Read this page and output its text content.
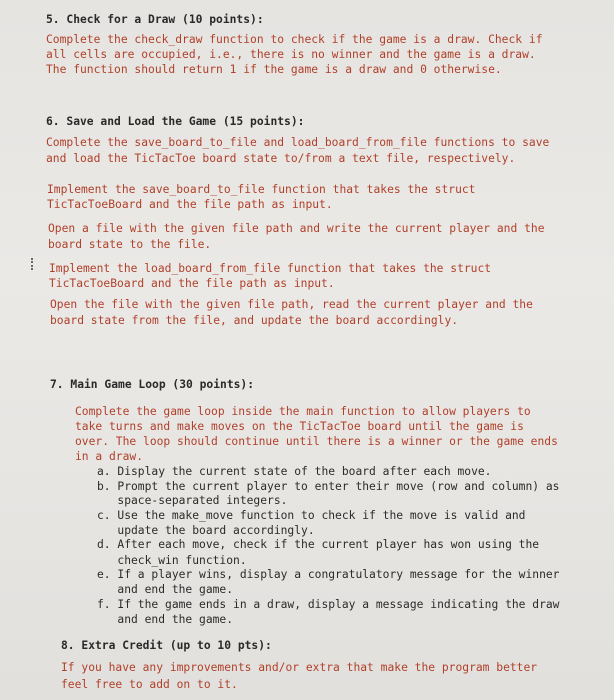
5. Check for a Draw (10 points):
Complete the check_draw function to check if the game is a draw. Check if
all cells are occupied, i.e., there is no winner and the game is a draw.
The function should return 1 if the game is a draw and 0 otherwise.
6. Save and Load the Game (15 points):
Complete the save_board_to_file and load_board_from_file functions to save
and load the TicTacToe board state to/from a text file, respectively.
Implement the save_board_to_file function that takes the struct
TicTacToeBoard and the file path as input.
Open a file with the given file path and write the current player and the
board state to the file.
Implement the load_board_from_file function that takes the struct
TicTacToeBoard and the file path as input.
Open the file with the given file path, read the current player and the
board state from the file, and update the board accordingly.
7. Main Game Loop (30 points):
Complete the game loop inside the main function to allow players to
take turns and make moves on the TicTacToe board until the game is
over. The loop should continue until there is a winner or the game ends
in a draw.
a. Display the current state of the board after each move.
b. Prompt the current player to enter their move (row and column) as
space-separated integers.
c. Use the make_move function to check if the move is valid and
update the board accordingly.
d. After each move, check if the current player has won using the
check_win function.
e. If a player wins, display a congratulatory message for the winner
and end the game.
f. If the game ends in a draw, display a message indicating the draw
and end the game.
8. Extra Credit (up to 10 pts):
If you have any improvements and/or extra that make the program better
feel free to add on to it.
